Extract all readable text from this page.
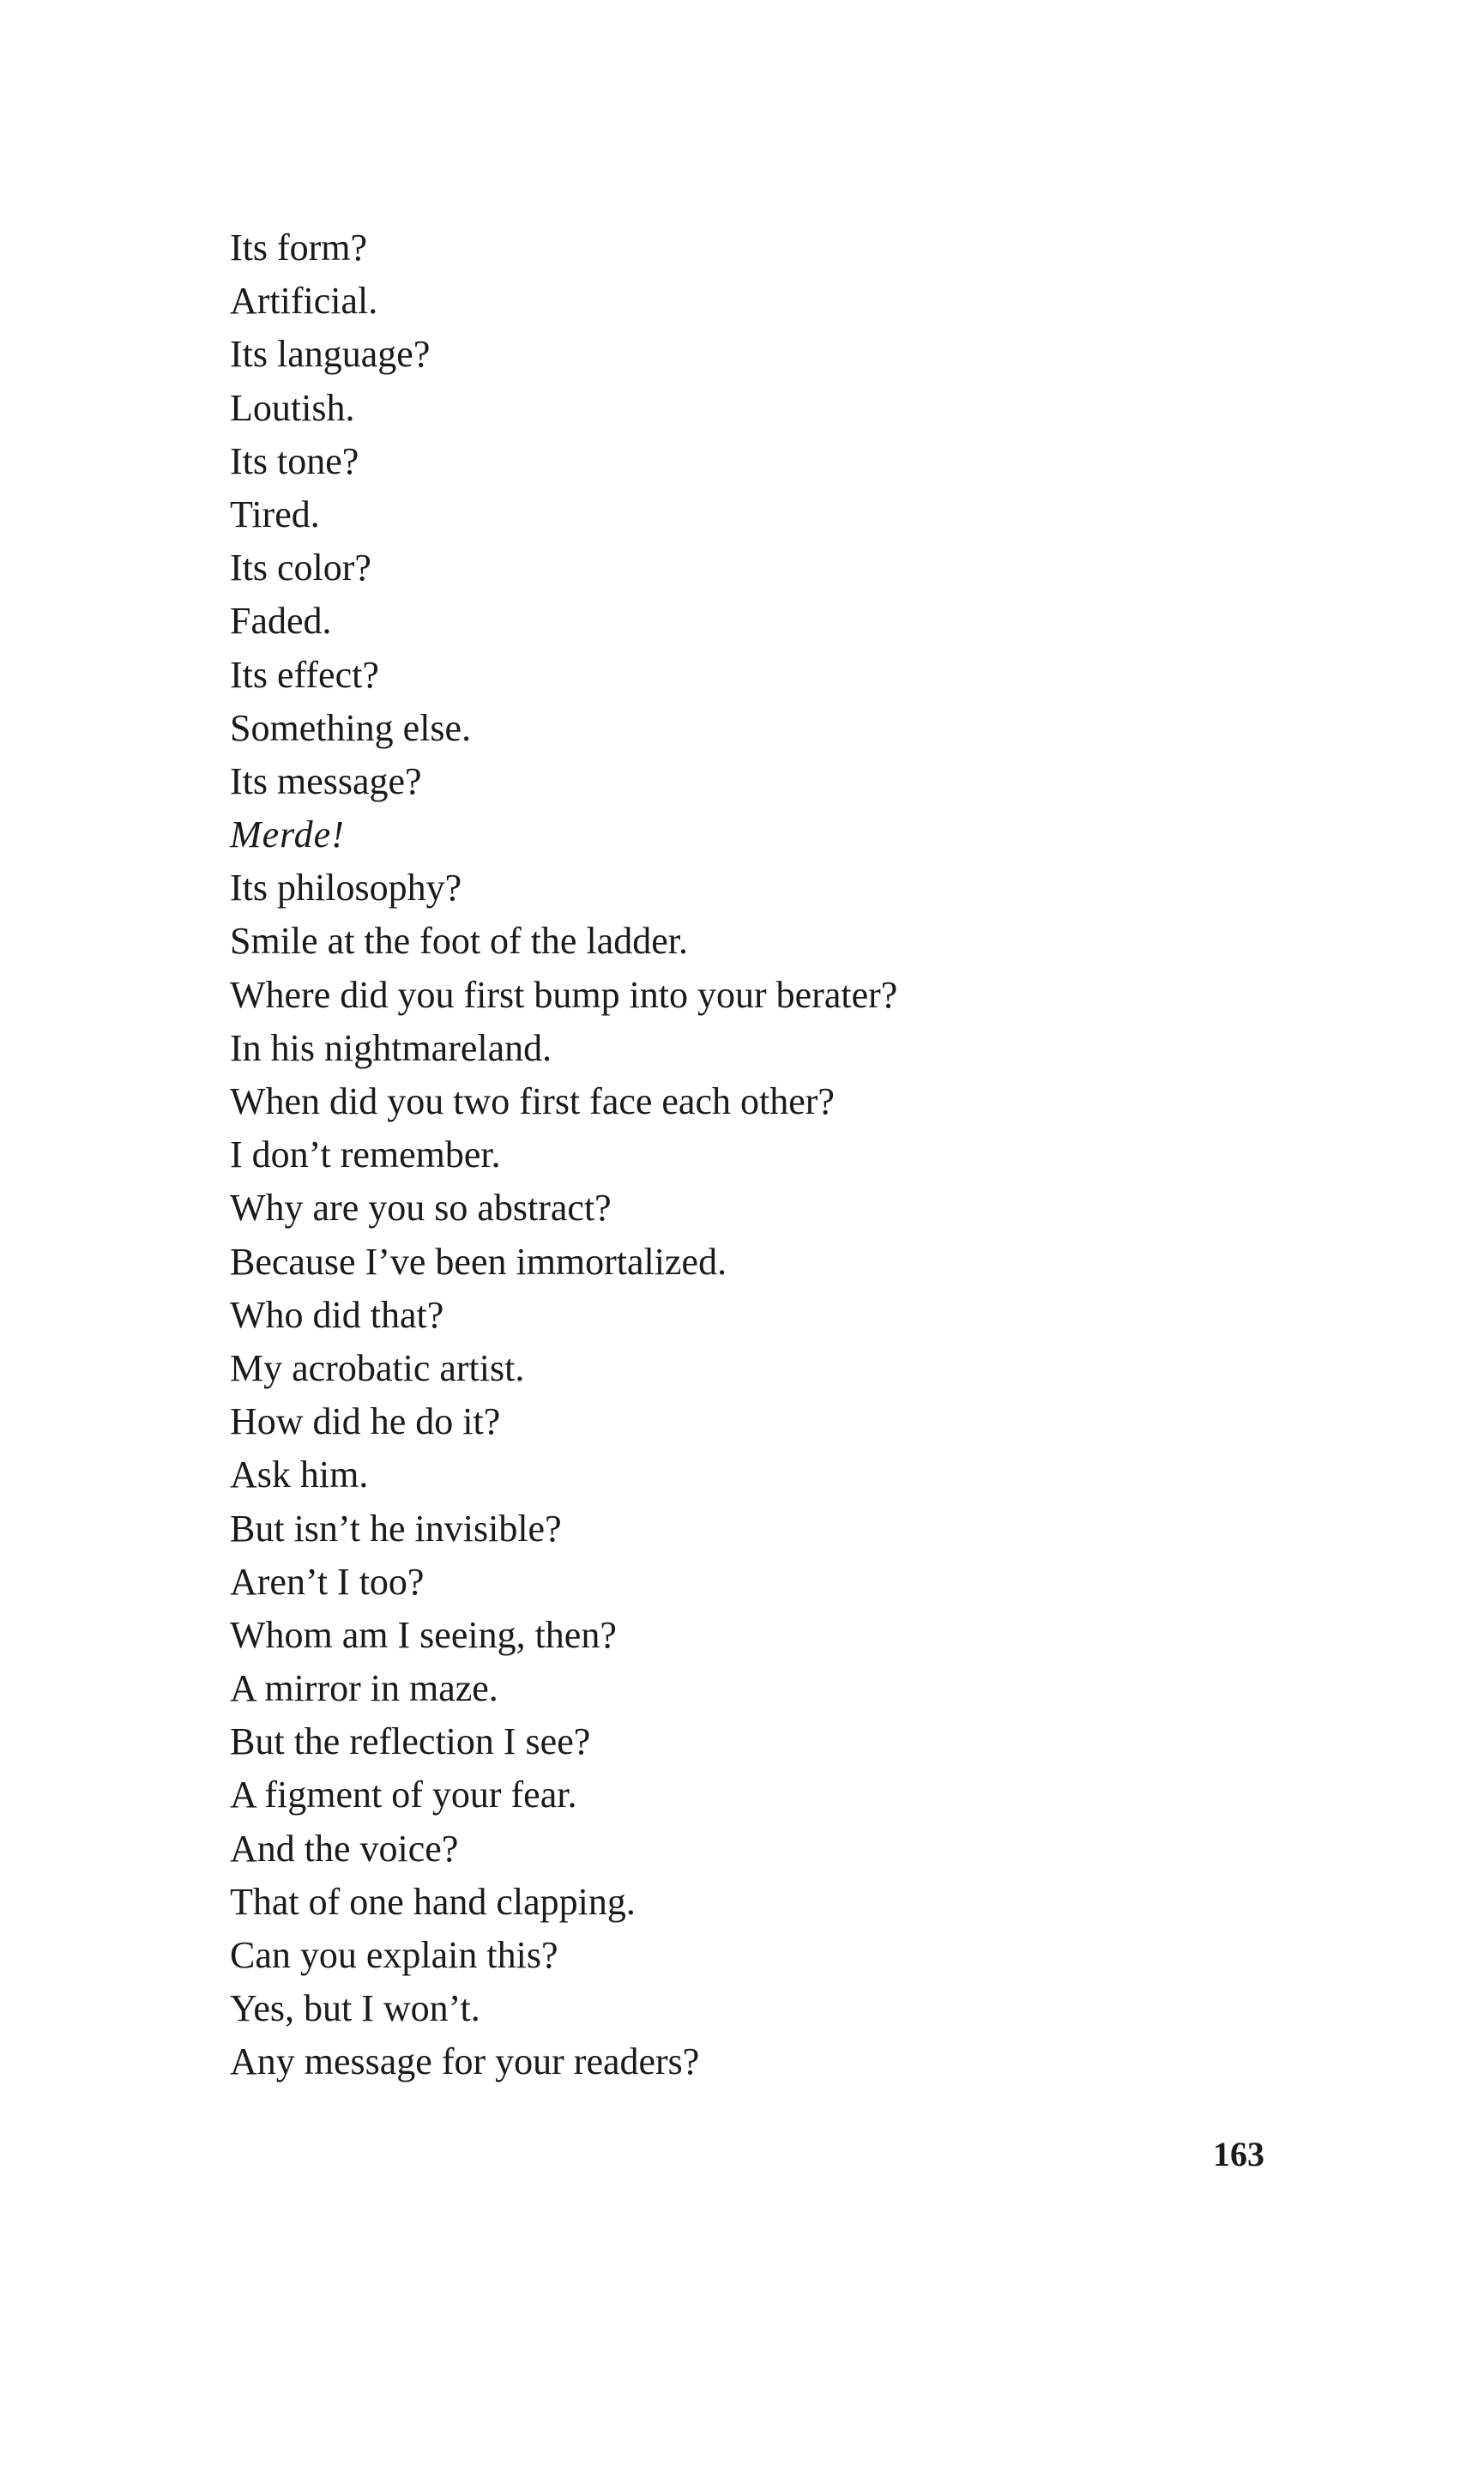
Its form?
Artificial.
Its language?
Loutish.
Its tone?
Tired.
Its color?
Faded.
Its effect?
Something else.
Its message?
Merde!
Its philosophy?
Smile at the foot of the ladder.
Where did you first bump into your berater?
In his nightmareland.
When did you two first face each other?
I don’t remember.
Why are you so abstract?
Because I’ve been immortalized.
Who did that?
My acrobatic artist.
How did he do it?
Ask him.
But isn’t he invisible?
Aren’t I too?
Whom am I seeing, then?
A mirror in maze.
But the reflection I see?
A figment of your fear.
And the voice?
That of one hand clapping.
Can you explain this?
Yes, but I won’t.
Any message for your readers?
163
